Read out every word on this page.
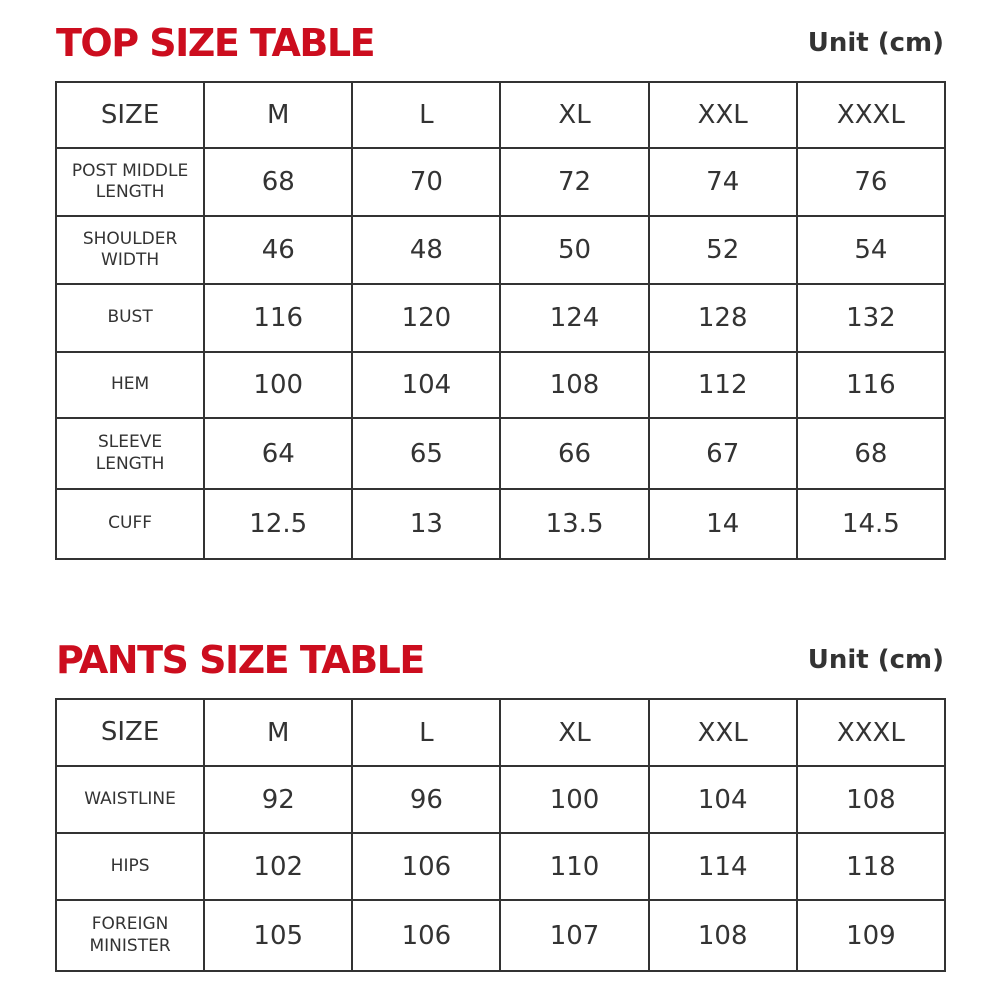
TOP SIZE TABLE	Unit (cm)
SIZE	M	L	XL	XXL	XXXL
POST MIDDLE
LENGTH	68	70	72	74	76
SHOULDER
WIDTH	46	48	50	52	54
BUST	116	120	124	128	132
HEM	100	104	108	112	116
SLEEVE
LENGTH	64	65	66	67	68
CUFF	12.5	13	13.5	14	14.5
PANTS SIZE TABLE	Unit (cm)
SIZE	M	L	XL	XXL	XXXL
WAISTLINE	92	96	100	104	108
HIPS	102	106	110	114	118
FOREIGN
MINISTER	105	106	107	108	109
